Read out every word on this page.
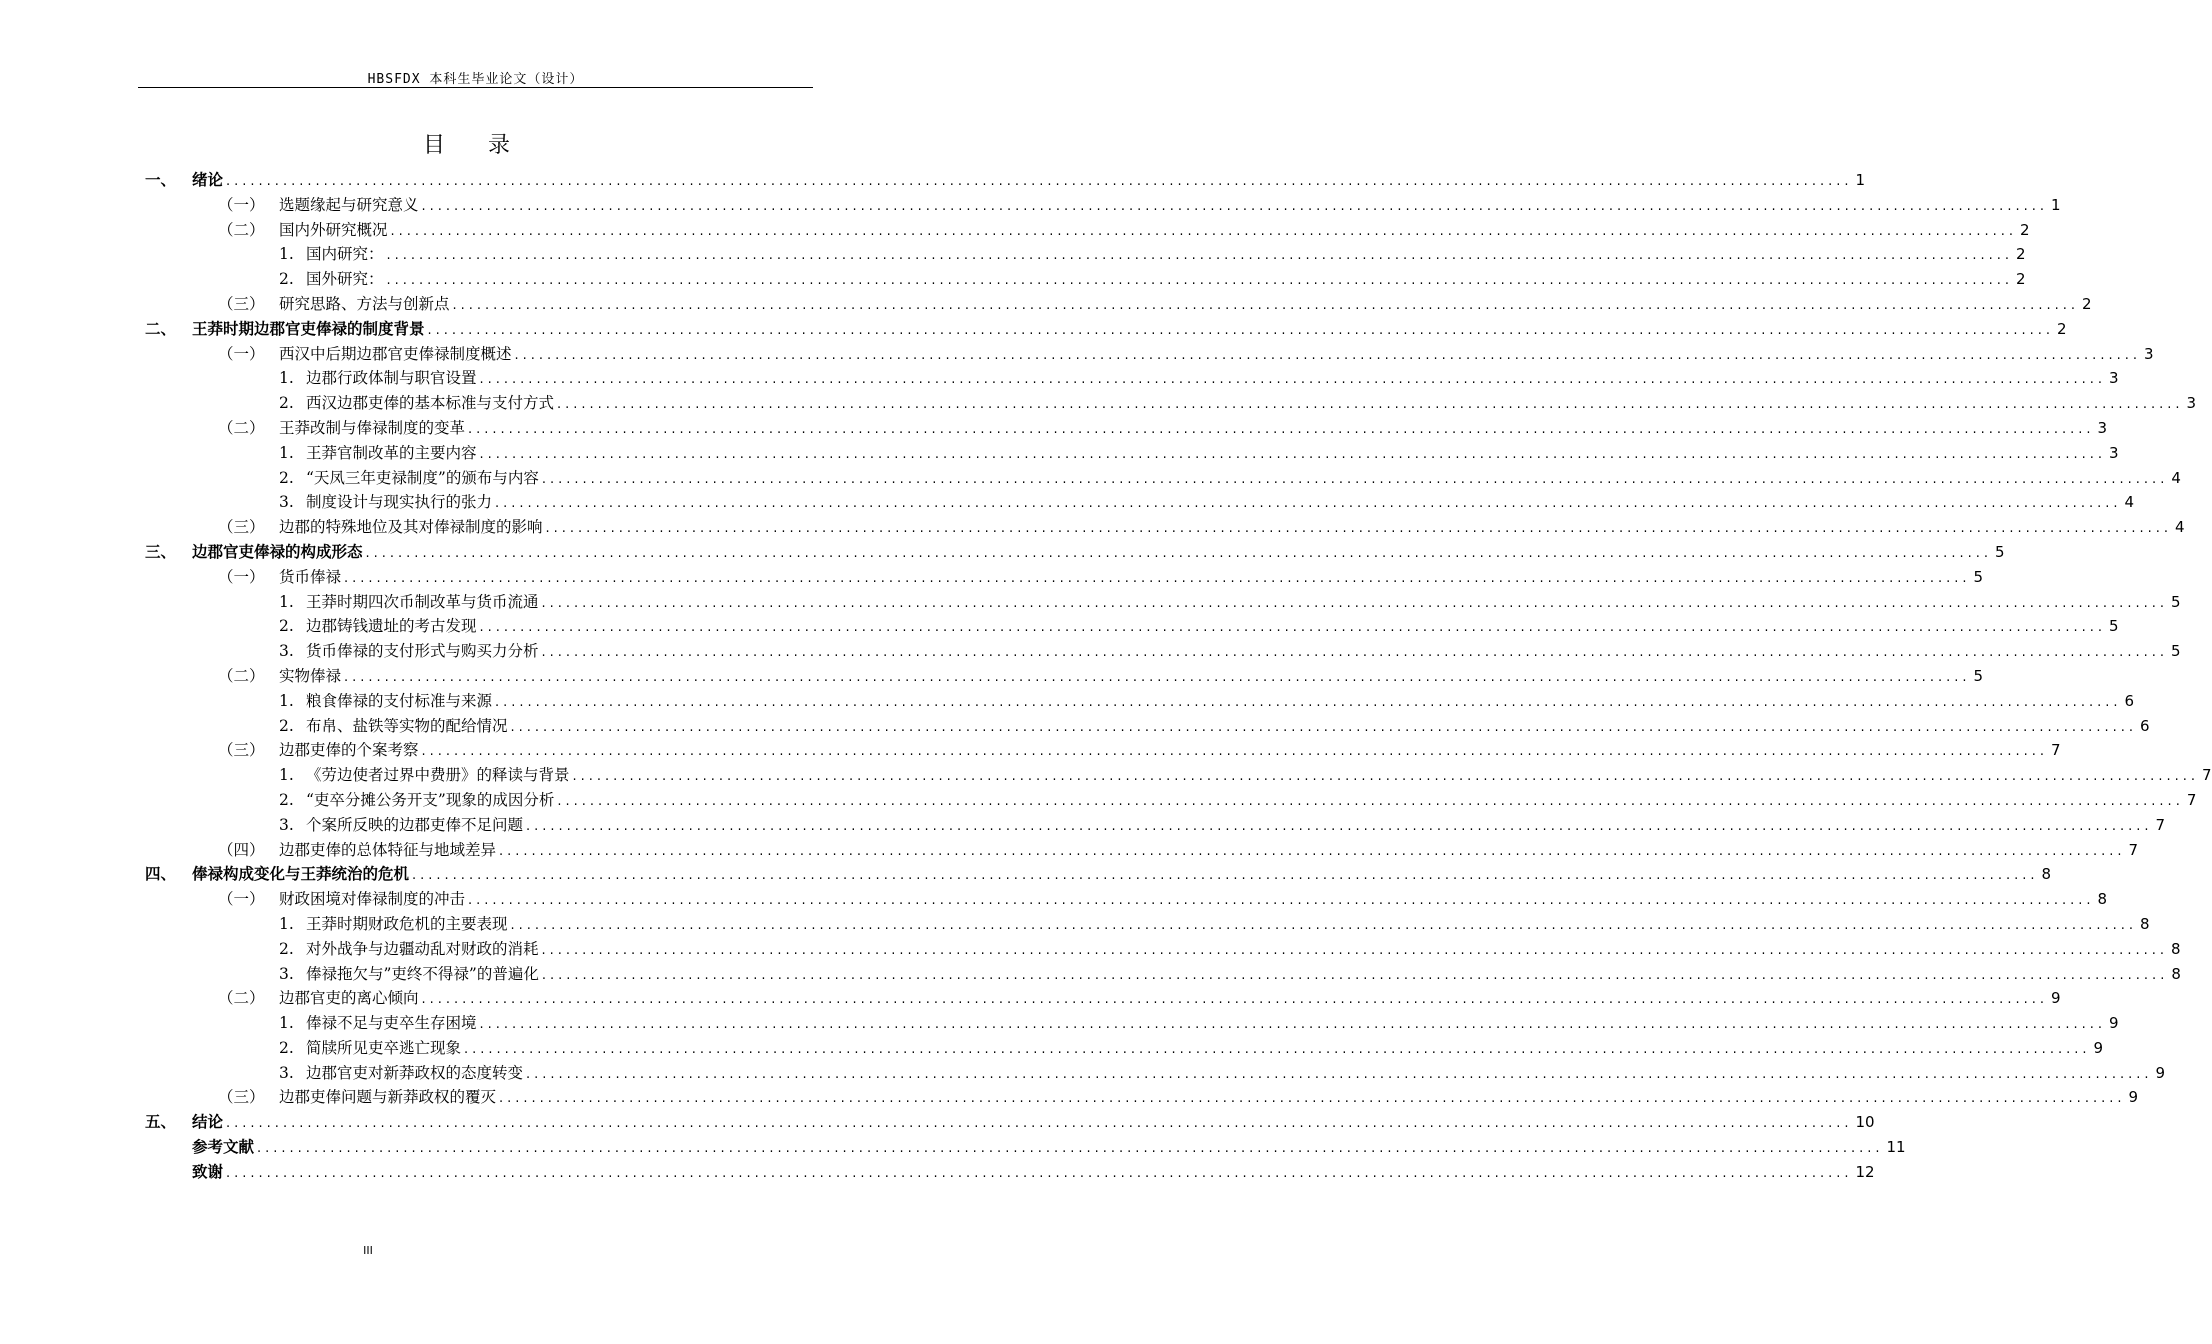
HBSFDX 本科生毕业论文（设计）
目 录
一、	绪论 ........................................................................................................................................................................................................ 1
（一） 选题缘起与研究意义 ........................................................................................................................................................................................................ 1
（二） 国内外研究概况 ........................................................................................................................................................................................................ 2
1. 国内研究： ........................................................................................................................................................................................................ 2
2. 国外研究： ........................................................................................................................................................................................................ 2
（三） 研究思路、方法与创新点 ........................................................................................................................................................................................................ 2
二、	王莽时期边郡官吏俸禄的制度背景 ........................................................................................................................................................................................................ 2
（一） 西汉中后期边郡官吏俸禄制度概述 ........................................................................................................................................................................................................ 3
1. 边郡行政体制与职官设置 ........................................................................................................................................................................................................ 3
2. 西汉边郡吏俸的基本标准与支付方式 ........................................................................................................................................................................................................ 3
（二） 王莽改制与俸禄制度的变革 ........................................................................................................................................................................................................ 3
1. 王莽官制改革的主要内容 ........................................................................................................................................................................................................ 3
2. “天凤三年吏禄制度”的颁布与内容 ........................................................................................................................................................................................................ 4
3. 制度设计与现实执行的张力 ........................................................................................................................................................................................................ 4
（三） 边郡的特殊地位及其对俸禄制度的影响 ........................................................................................................................................................................................................ 4
三、	边郡官吏俸禄的构成形态 ........................................................................................................................................................................................................ 5
（一） 货币俸禄 ........................................................................................................................................................................................................ 5
1. 王莽时期四次币制改革与货币流通 ........................................................................................................................................................................................................ 5
2. 边郡铸钱遗址的考古发现 ........................................................................................................................................................................................................ 5
3. 货币俸禄的支付形式与购买力分析 ........................................................................................................................................................................................................ 5
（二） 实物俸禄 ........................................................................................................................................................................................................ 5
1. 粮食俸禄的支付标准与来源 ........................................................................................................................................................................................................ 6
2. 布帛、盐铁等实物的配给情况 ........................................................................................................................................................................................................ 6
（三） 边郡吏俸的个案考察 ........................................................................................................................................................................................................ 7
1. 《劳边使者过界中费册》的释读与背景 ........................................................................................................................................................................................................ 7
2. “吏卒分摊公务开支”现象的成因分析 ........................................................................................................................................................................................................ 7
3. 个案所反映的边郡吏俸不足问题 ........................................................................................................................................................................................................ 7
（四） 边郡吏俸的总体特征与地域差异 ........................................................................................................................................................................................................ 7
四、	俸禄构成变化与王莽统治的危机 ........................................................................................................................................................................................................ 8
（一） 财政困境对俸禄制度的冲击 ........................................................................................................................................................................................................ 8
1. 王莽时期财政危机的主要表现 ........................................................................................................................................................................................................ 8
2. 对外战争与边疆动乱对财政的消耗 ........................................................................................................................................................................................................ 8
3. 俸禄拖欠与”吏终不得禄”的普遍化 ........................................................................................................................................................................................................ 8
（二） 边郡官吏的离心倾向 ........................................................................................................................................................................................................ 9
1. 俸禄不足与吏卒生存困境 ........................................................................................................................................................................................................ 9
2. 简牍所见吏卒逃亡现象 ........................................................................................................................................................................................................ 9
3. 边郡官吏对新莽政权的态度转变 ........................................................................................................................................................................................................ 9
（三） 边郡吏俸问题与新莽政权的覆灭 ........................................................................................................................................................................................................ 9
五、	结论 ........................................................................................................................................................................................................ 10
参考文献 ........................................................................................................................................................................................................ 11
致谢 ........................................................................................................................................................................................................ 12
III
